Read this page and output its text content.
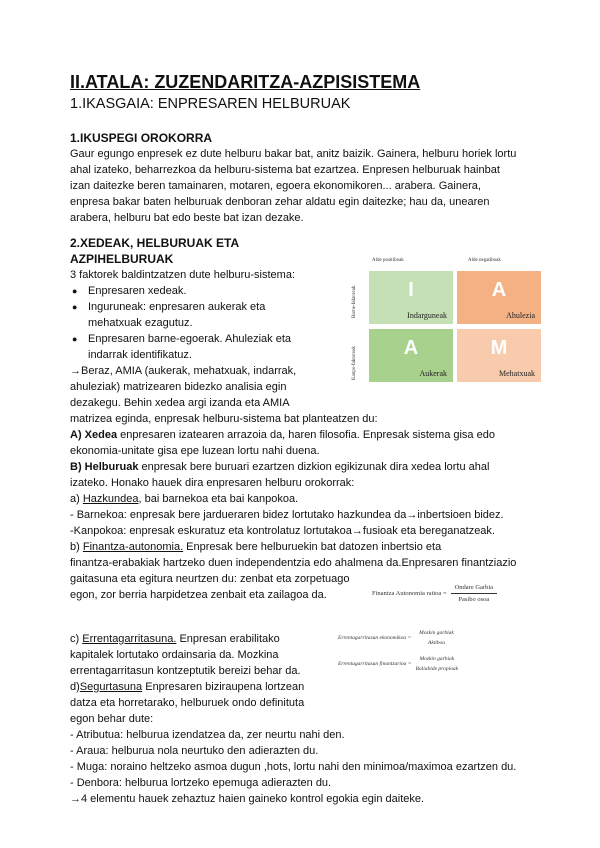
II.ATALA: ZUZENDARITZA-AZPISISTEMA
1.IKASGAIA: ENPRESAREN HELBURUAK
1.IKUSPEGI OROKORRA
Gaur egungo enpresek ez dute helburu bakar bat, anitz baizik. Gainera, helburu horiek lortu
ahal izateko, beharrezkoa da helburu-sistema bat ezartzea. Enpresen helburuak hainbat
izan daitezke beren tamainaren, motaren, egoera ekonomikoren... arabera. Gainera,
enpresa bakar baten helburuak denboran zehar aldatu egin daitezke; hau da, unearen
arabera, helburu bat edo beste bat izan dezake.
2.XEDEAK, HELBURUAK ETA
AZPIHELBURUAK
3 faktorek baldintzatzen dute helburu-sistema:
● Enpresaren xedeak.
● Inguruneak: enpresaren aukerak eta
mehatxuak ezagutuz.
● Enpresaren barne-egoerak. Ahuleziak eta
indarrak identifikatuz.
→Beraz, AMIA (aukerak, mehatxuak, indarrak,
ahuleziak) matrizearen bidezko analisia egin
dezakegu. Behin xedea argi izanda eta AMIA
matrizea eginda, enpresak helburu-sistema bat planteatzen du:
A) Xedea enpresaren izatearen arrazoia da, haren filosofia. Enpresak sistema gisa edo
ekonomia-unitate gisa epe luzean lortu nahi duena.
B) Helburuak enpresak bere buruari ezartzen dizkion egikizunak dira xedea lortu ahal
izateko. Honako hauek dira enpresaren helburu orokorrak:
a) Hazkundea, bai barnekoa eta bai kanpokoa.
- Barnekoa: enpresak bere jardueraren bidez lortutako hazkundea da→inbertsioen bidez.
-Kanpokoa: enpresak eskuratuz eta kontrolatuz lortutakoa→fusioak eta bereganatzeak.
b) Finantza-autonomia. Enpresak bere helburuekin bat datozen inbertsio eta
finantza-erabakiak hartzeko duen independentzia edo ahalmena da.Enpresaren finantziazio
gaitasuna eta egitura neurtzen du: zenbat eta zorpetuago
egon, zor berria harpidetzea zenbait eta zailagoa da.
c) Errentagarritasuna. Enpresan erabilitako
kapitalek lortutako ordainsaria da. Mozkina
errentagarritasun kontzeptutik bereizi behar da.
d)Segurtasuna Enpresaren biziraupena lortzean
datza eta horretarako, helburuek ondo definituta
egon behar dute:
- Atributua: helburua izendatzea da, zer neurtu nahi den.
- Araua: helburua nola neurtuko den adierazten du.
- Muga: noraino heltzeko asmoa dugun ,hots, lortu nahi den minimoa/maximoa ezartzen du.
- Denbora: helburua lortzeko epemuga adierazten du.
→4 elementu hauek zehaztuz haien gaineko kontrol egokia egin daiteke.
Alde positiboak	Alde negatiboak
Barne-faktoreak
Kanpo-faktoreak
I
Indarguneak
A
Ahulezia
A
Aukerak
M
Mehatxuak
Finantza Autonomia ratioa = $\frac{\text{Ondare Garbia}}{\text{Pasibo osoa}}$
Errentagarritasun ekonomikoa =
Mozkin garbiak
Aktiboa
Errentagarritasun finantzarioa =
Mozkin garbiak
Baliabide propioak
